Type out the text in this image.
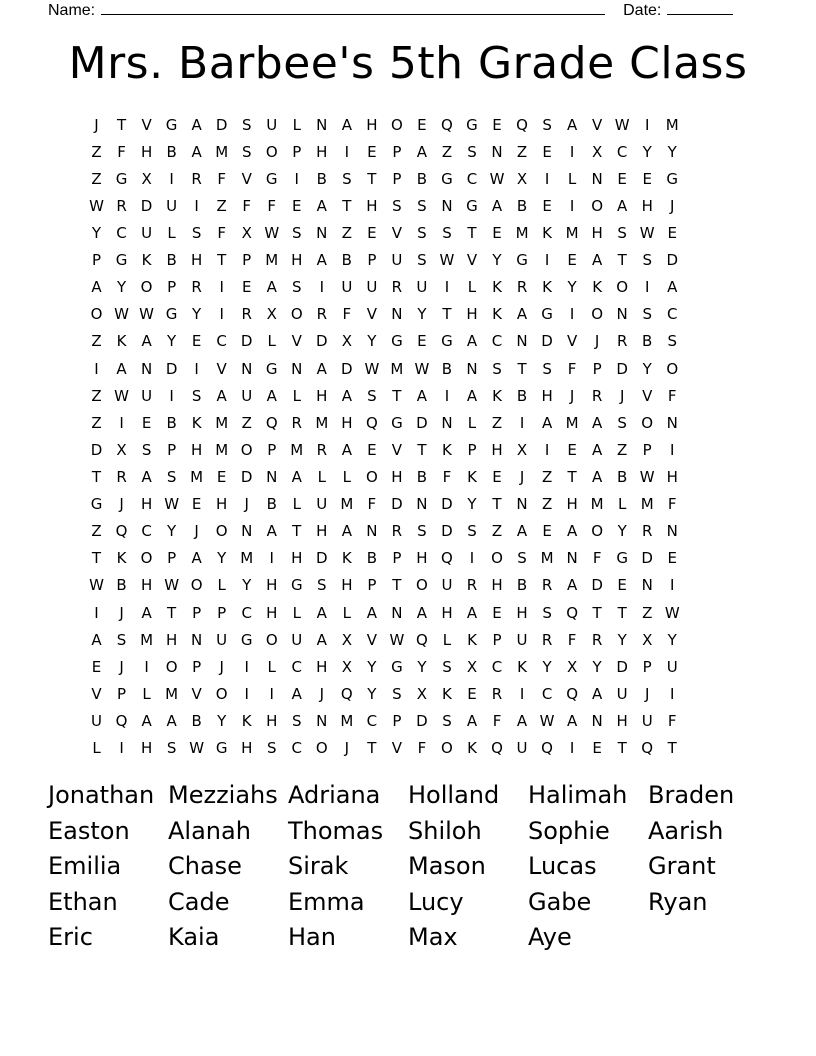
Name:	Date:
Mrs. Barbee's 5th Grade Class
J	T	V G A D S U	L	N A H O E Q G E Q S	A V W	I	M
Z	F	H B A M S O P H	I	E	P	A Z	S N Z	E	I	X C	Y	Y
Z G X	I	R	F	V G	I	B	S	T	P	B G C W X	I	L	N E	E G
W R D U	I	Z	F	F	E	A	T H S	S N G A B	E	I	O A H	J
Y	C U	L	S	F	X W S N Z	E	V	S	S	T	E M K M H S W E
P G K B H T	P M H A B	P	U S W V	Y G	I	E	A	T	S D
A	Y O P	R	I	E	A	S	I	U U R U	I	L	K R K	Y	K O	I	A
O W W G Y	I	R X O R	F	V N Y	T H K A G	I	O N S	C
Z K A	Y	E	C D	L	V D X	Y G E G A C N D V	J	R B	S
I	A N D	I	V N G N A D W M W B N S	T	S	F	P D Y O
Z W U	I	S	A U A	L	H A	S	T	A	I	A K B H	J	R	J	V	F
Z	I	E	B K M Z Q R M H Q G D N	L	Z	I	A M A	S O N
D X	S	P H M O P M R A	E	V	T	K	P H X	I	E	A Z	P	I
T	R A	S M E D N A	L	L O H B	F	K	E	J	Z	T	A B W H
G	J	H W E H	J	B	L	U M F D N D Y	T N Z H M L M F
Z Q C	Y	J	O N A	T H A N R	S D S	Z A	E	A O Y	R N
T	K O P	A	Y M	I	H D K B	P H Q	I	O S M N	F G D E
W B H W O L	Y H G S H P	T O U R H B R A D E N	I
I	J	A	T	P	P	C H	L	A	L	A N A H A	E H S Q T	T	Z W
A	S M H N U G O U A X V W Q L	K	P	U R	F	R	Y	X	Y
E	J	I	O P	J	I	L	C H X	Y G Y	S	X C K	Y	X	Y D P	U
V	P	L M V O	I	I	A	J	Q Y	S	X K	E	R	I	C Q A U	J	I
U Q A A B	Y	K H S N M C	P D S	A	F	A W A N H U	F
L	I	H S W G H S	C O	J	T	V	F O K Q U Q	I	E	T Q T
Jonathan Mezziahs Adriana	Holland	Halimah Braden
Easton	Alanah	Thomas	Shiloh	Sophie	Aarish
Emilia	Chase	Sirak	Mason	Lucas	Grant
Ethan	Cade	Emma	Lucy	Gabe	Ryan
Eric	Kaia	Han	Max	Aye
